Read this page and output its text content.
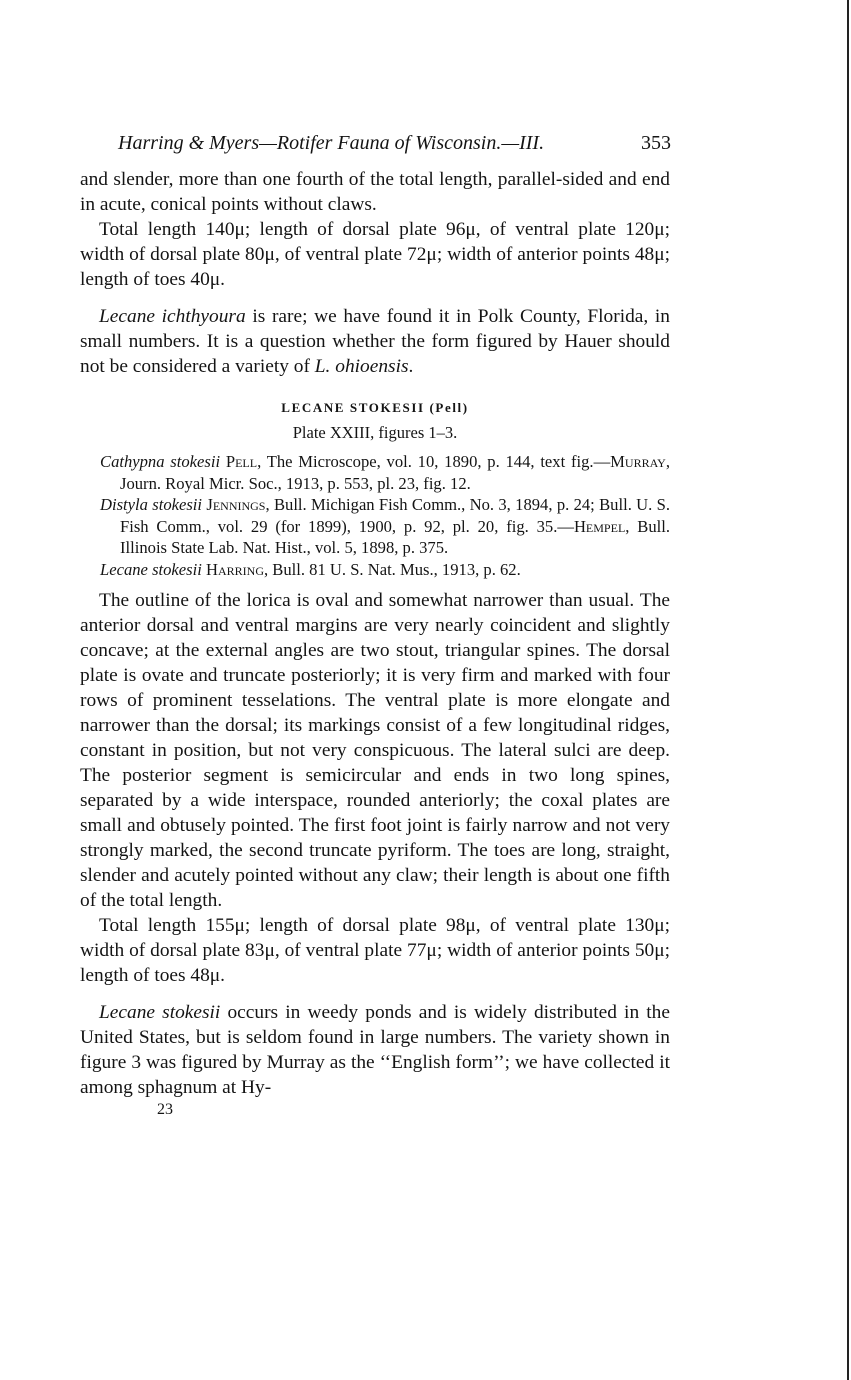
Harring & Myers—Rotifer Fauna of Wisconsin.—III.	353

and slender, more than one fourth of the total length, parallel-sided and end in acute, conical points without claws.

Total length 140μ; length of dorsal plate 96μ, of ventral plate 120μ; width of dorsal plate 80μ, of ventral plate 72μ; width of anterior points 48μ; length of toes 40μ.

Lecane ichthyoura is rare; we have found it in Polk County, Florida, in small numbers. It is a question whether the form figured by Hauer should not be considered a variety of L. ohioensis.

LECANE STOKESII (Pell)
Plate XXIII, figures 1–3.
Cathypna stokesii Pell, The Microscope, vol. 10, 1890, p. 144, text fig.—Murray, Journ. Royal Micr. Soc., 1913, p. 553, pl. 23, fig. 12.
Distyla stokesii Jennings, Bull. Michigan Fish Comm., No. 3, 1894, p. 24; Bull. U. S. Fish Comm., vol. 29 (for 1899), 1900, p. 92, pl. 20, fig. 35.—Hempel, Bull. Illinois State Lab. Nat. Hist., vol. 5, 1898, p. 375.
Lecane stokesii Harring, Bull. 81 U. S. Nat. Mus., 1913, p. 62.

The outline of the lorica is oval and somewhat narrower than usual. The anterior dorsal and ventral margins are very nearly coincident and slightly concave; at the external angles are two stout, triangular spines. The dorsal plate is ovate and truncate posteriorly; it is very firm and marked with four rows of prominent tesselations. The ventral plate is more elongate and narrower than the dorsal; its markings consist of a few longitudinal ridges, constant in position, but not very conspicuous. The lateral sulci are deep. The posterior segment is semicircular and ends in two long spines, separated by a wide interspace, rounded anteriorly; the coxal plates are small and obtusely pointed. The first foot joint is fairly narrow and not very strongly marked, the second truncate pyriform. The toes are long, straight, slender and acutely pointed without any claw; their length is about one fifth of the total length.

Total length 155μ; length of dorsal plate 98μ, of ventral plate 130μ; width of dorsal plate 83μ, of ventral plate 77μ; width of anterior points 50μ; length of toes 48μ.

Lecane stokesii occurs in weedy ponds and is widely distributed in the United States, but is seldom found in large numbers. The variety shown in figure 3 was figured by Murray as the ‘‘English form’’; we have collected it among sphagnum at Hy-

23
